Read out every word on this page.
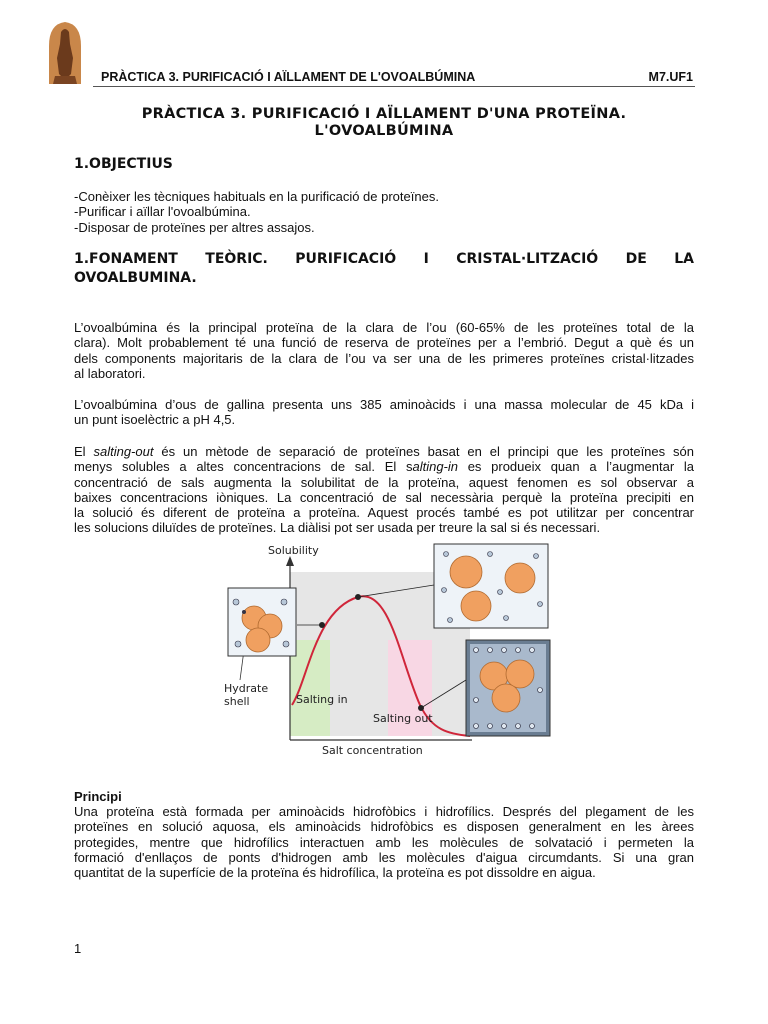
PRÀCTICA 3. PURIFICACIÓ I AÏLLAMENT DE L'OVOALBÚMINA	M7.UF1
PRÀCTICA 3. PURIFICACIÓ I AÏLLAMENT D'UNA PROTEÏNA.
L'OVOALBÚMINA
1.OBJECTIUS
-Conèixer les tècniques habituals en la purificació de proteïnes.
-Purificar i aïllar l'ovoalbúmina.
-Disposar de proteïnes per altres assajos.
1.FONAMENT TEÒRIC. PURIFICACIÓ I CRISTAL·LITZACIÓ DE LA
OVOALBUMINA.
L’ovoalbúmina és la principal proteïna de la clara de l’ou (60-65% de les proteïnes total de la
clara). Molt probablement té una funció de reserva de proteïnes per a l’embrió. Degut a què és un
dels components majoritaris de la clara de l’ou va ser una de les primeres proteïnes cristal·litzades
al laboratori.
L’ovoalbúmina d’ous de gallina presenta uns 385 aminoàcids i una massa molecular de 45 kDa i
un punt isoelèctric a pH 4,5.
El salting-out és un mètode de separació de proteïnes basat en el principi que les proteïnes són
menys solubles a altes concentracions de sal. El salting-in es produeix quan a l’augmentar la
concentració de sals augmenta la solubilitat de la proteïna, aquest fenomen es sol observar a
baixes concentracions iòniques. La concentració de sal necessària perquè la proteïna precipiti en
la solució és diferent de proteïna a proteïna. Aquest procés també es pot utilitzar per concentrar
les solucions diluïdes de proteïnes. La diàlisi pot ser usada per treure la sal si és necessari.
Solubility
Salt concentration
Salting in
Salting out
Hydrate
shell
Principi
Una proteïna està formada per aminoàcids hidrofòbics i hidrofílics. Després del plegament de les
proteïnes en solució aquosa, els aminoàcids hidrofòbics es disposen generalment en les àrees
protegides, mentre que hidrofílics interactuen amb les molècules de solvatació i permeten la
formació d'enllaços de ponts d'hidrogen amb les molècules d'aigua circumdants. Si una gran
quantitat de la superfície de la proteïna és hidrofílica, la proteïna es pot dissoldre en aigua.
1
